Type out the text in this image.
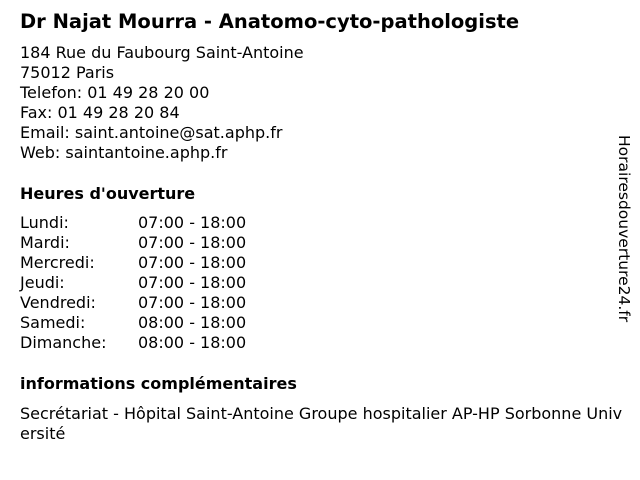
Dr Najat Mourra - Anatomo-cyto-pathologiste
184 Rue du Faubourg Saint-Antoine
75012 Paris
Telefon: 01 49 28 20 00
Fax: 01 49 28 20 84
Email: saint.antoine@sat.aphp.fr
Web: saintantoine.aphp.fr
Heures d'ouverture
Lundi:	07:00 - 18:00
Mardi:	07:00 - 18:00
Mercredi:	07:00 - 18:00
Jeudi:	07:00 - 18:00
Vendredi:	07:00 - 18:00
Samedi:	08:00 - 18:00
Dimanche:	08:00 - 18:00
informations complémentaires
Secrétariat - Hôpital Saint-Antoine Groupe hospitalier AP-HP Sorbonne Université
Horairesdouverture24.fr
